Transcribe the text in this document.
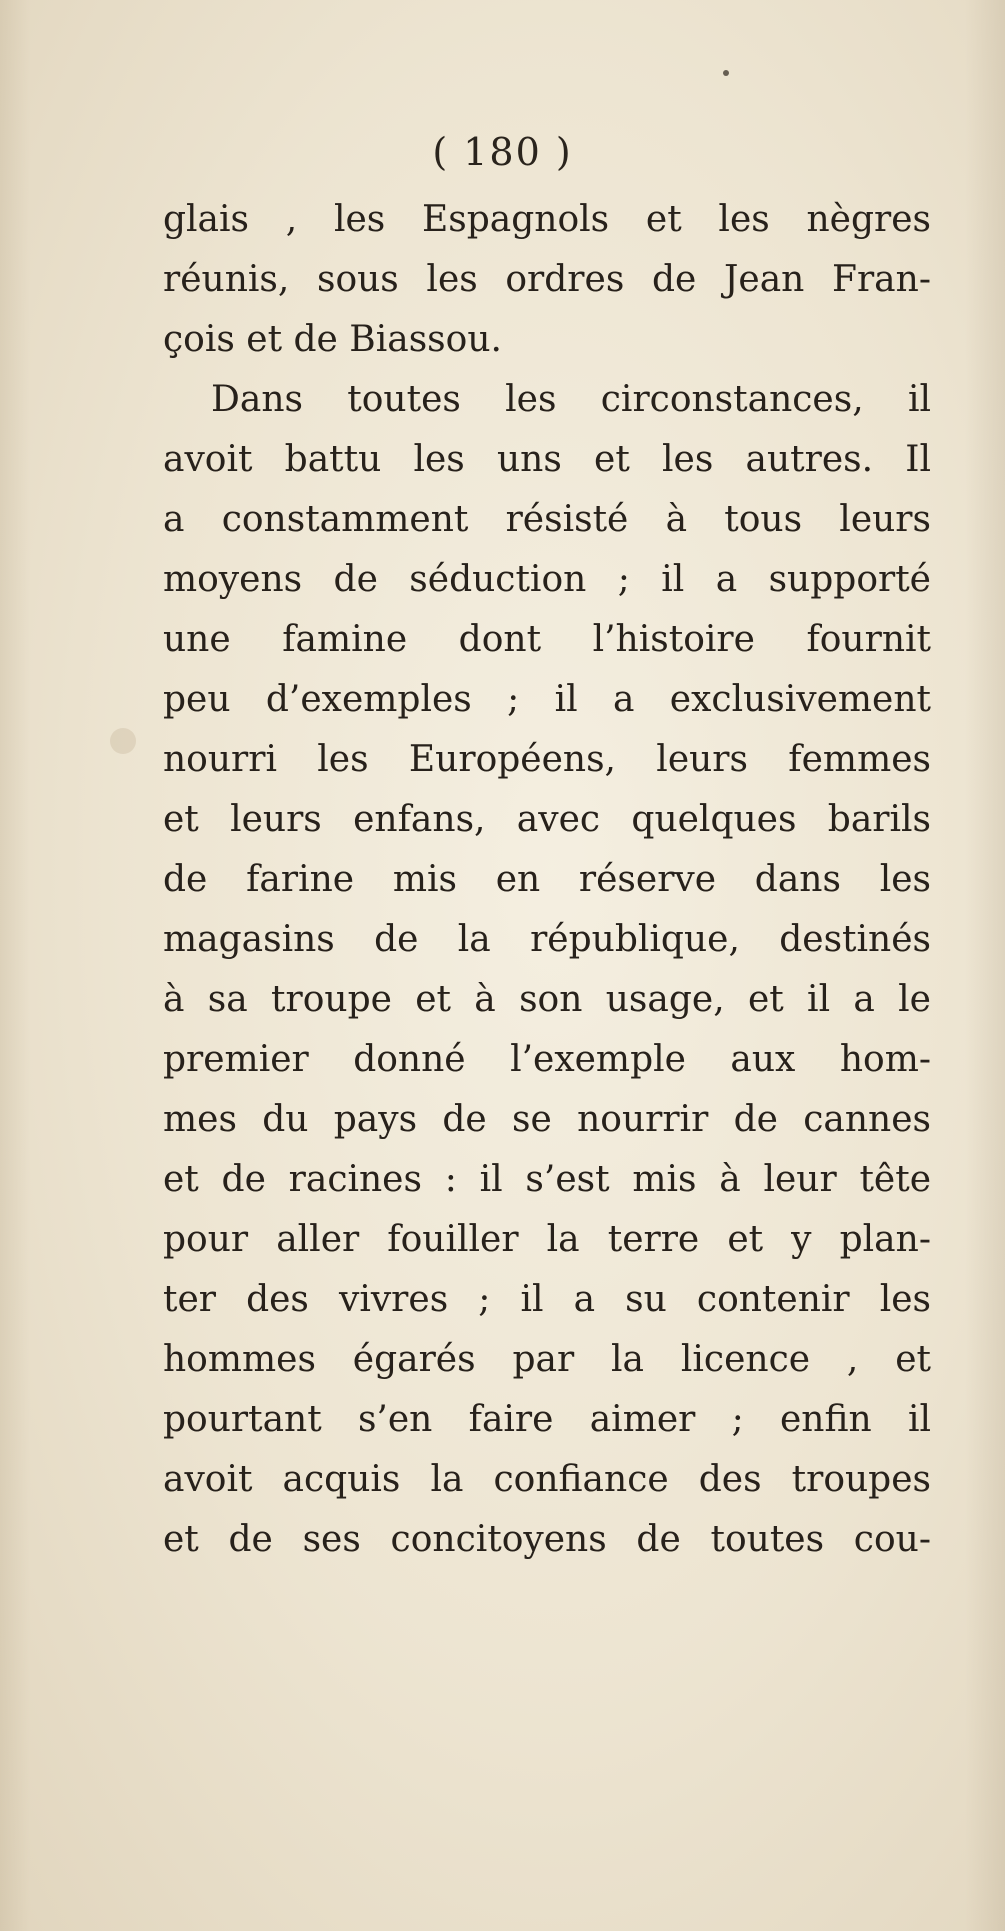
( 180 )
glais , les Espagnols et les nègres
réunis, sous les ordres de Jean Fran-
çois et de Biassou.
Dans toutes les circonstances, il
avoit battu les uns et les autres. Il
a constamment résisté à tous leurs
moyens de séduction ; il a supporté
une famine dont l’histoire fournit
peu d’exemples ; il a exclusivement
nourri les Européens, leurs femmes
et leurs enfans, avec quelques barils
de farine mis en réserve dans les
magasins de la république, destinés
à sa troupe et à son usage, et il a le
premier donné l’exemple aux hom-
mes du pays de se nourrir de cannes
et de racines : il s’est mis à leur tête
pour aller fouiller la terre et y plan-
ter des vivres ; il a su contenir les
hommes égarés par la licence , et
pourtant s’en faire aimer ; enfin il
avoit acquis la confiance des troupes
et de ses concitoyens de toutes cou-
